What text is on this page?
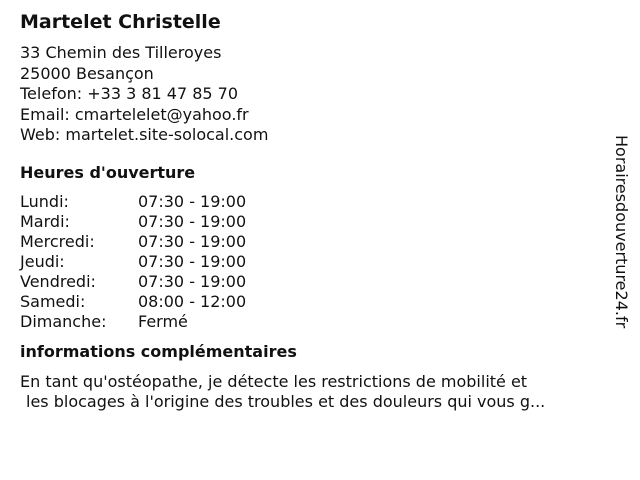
Martelet Christelle
33 Chemin des Tilleroyes
25000 Besançon
Telefon: +33 3 81 47 85 70
Email: cmartelelet@yahoo.fr
Web: martelet.site-solocal.com
Heures d'ouverture
Lundi:	07:30 - 19:00
Mardi:	07:30 - 19:00
Mercredi:	07:30 - 19:00
Jeudi:	07:30 - 19:00
Vendredi:	07:30 - 19:00
Samedi:	08:00 - 12:00
Dimanche:	Fermé
informations complémentaires
En tant qu'ostéopathe, je détecte les restrictions de mobilité et
les blocages à l'origine des troubles et des douleurs qui vous g...
Horairesdouverture24.fr
